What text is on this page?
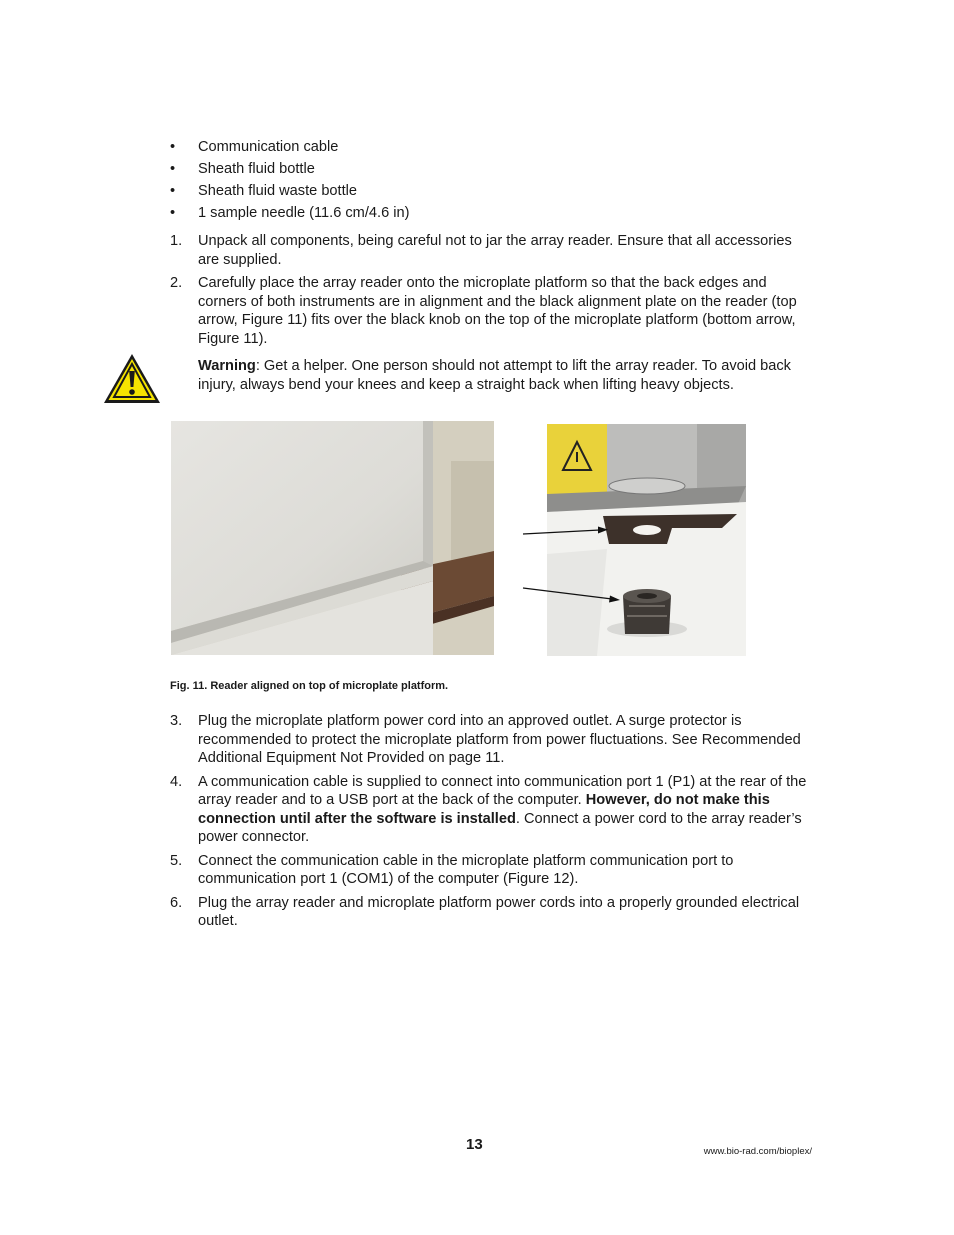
• Communication cable
• Sheath fluid bottle
• Sheath fluid waste bottle
• 1 sample needle (11.6 cm/4.6 in)
1. Unpack all components, being careful not to jar the array reader. Ensure that all accessories are supplied.
2. Carefully place the array reader onto the microplate platform so that the back edges and corners of both instruments are in alignment and the black alignment plate on the reader (top arrow, Figure 11) fits over the black knob on the top of the microplate platform (bottom arrow, Figure 11).
Warning: Get a helper. One person should not attempt to lift the array reader. To avoid back injury, always bend your knees and keep a straight back when lifting heavy objects.
Fig. 11. Reader aligned on top of microplate platform.
3. Plug the microplate platform power cord into an approved outlet. A surge protector is recommended to protect the microplate platform from power fluctuations. See Recommended Additional Equipment Not Provided on page 11.
4. A communication cable is supplied to connect into communication port 1 (P1) at the rear of the array reader and to a USB port at the back of the computer. However, do not make this connection until after the software is installed. Connect a power cord to the array reader’s power connector.
5. Connect the communication cable in the microplate platform communication port to communication port 1 (COM1) of the computer (Figure 12).
6. Plug the array reader and microplate platform power cords into a properly grounded electrical outlet.
13	www.bio-rad.com/bioplex/
